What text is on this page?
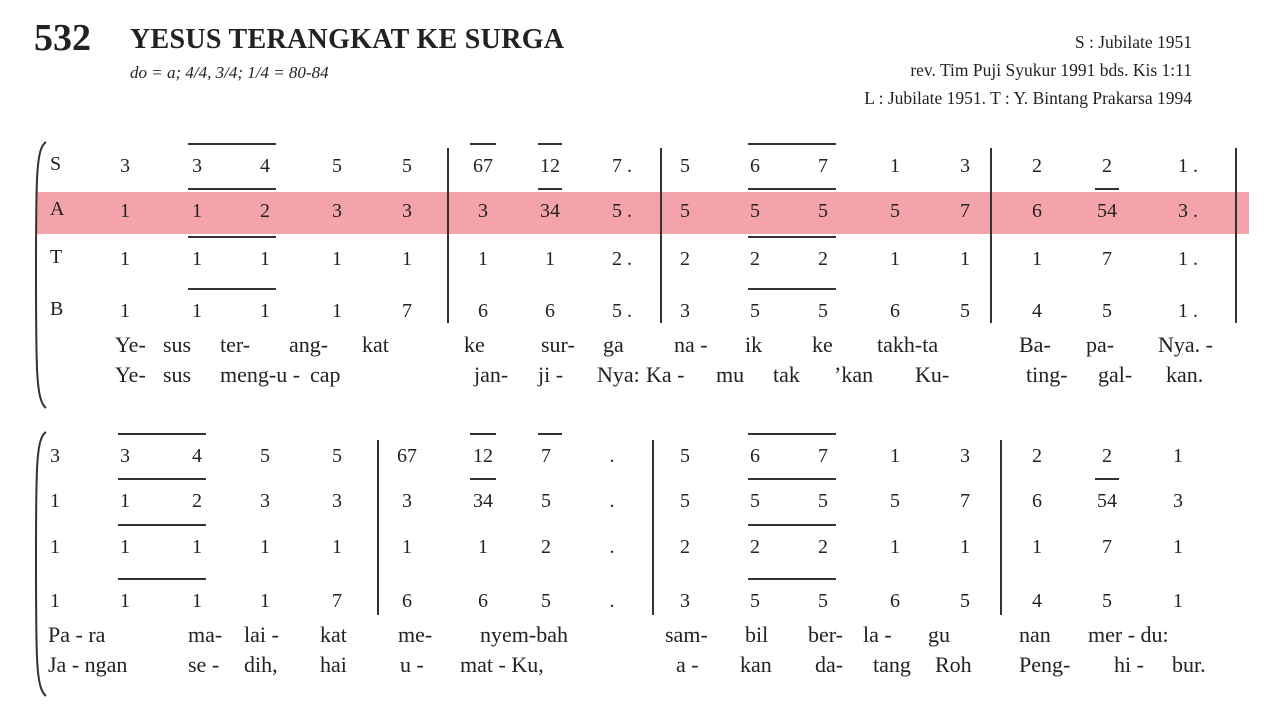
532 YESUS TERANGKAT KE SURGA
do = a; 4/4, 3/4; 1/4 = 80-84
S : Jubilate 1951
rev. Tim Puji Syukur 1991 bds. Kis 1:11
L : Jubilate 1951. T : Y. Bintang Prakarsa 1994
S	3	3	4	5	5	67	12	7 .	5	6	7	1	3	2	2	1 .
A	1	1	2	3	3	3	34	5 .	5	5	5	5	7	6	54	3 .
T	1	1	1	1	1	1	1	2 .	2	2	2	1	1	1	7	1 .
B	1	1	1	1	7	6	6	5 .	3	5	5	6	5	4	5	1 .
Ye- sus ter- ang- kat	ke	sur- ga na - ik ke takh-ta	Ba- pa- Nya. -
Ye- sus meng-u - cap	jan- ji - Nya: Ka - mu tak ’kan Ku-	ting- gal- kan.
3	3	4	5	5	67	12	7	.	5	6	7	1	3	2	2	1
1	1	2	3	3	3	34	5	.	5	5	5	5	7	6	54	3
1	1	1	1	1	1	1	2	.	2	2	2	1	1	1	7	1
1	1	1	1	7	6	6	5	.	3	5	5	6	5	4	5	1
Pa - ra	ma- lai - kat me- nyem-bah	sam- bil ber- la - gu	nan mer - du:
Ja - ngan	se - dih, hai u - mat - Ku,	a - kan da- tang Roh Peng- hi - bur.
